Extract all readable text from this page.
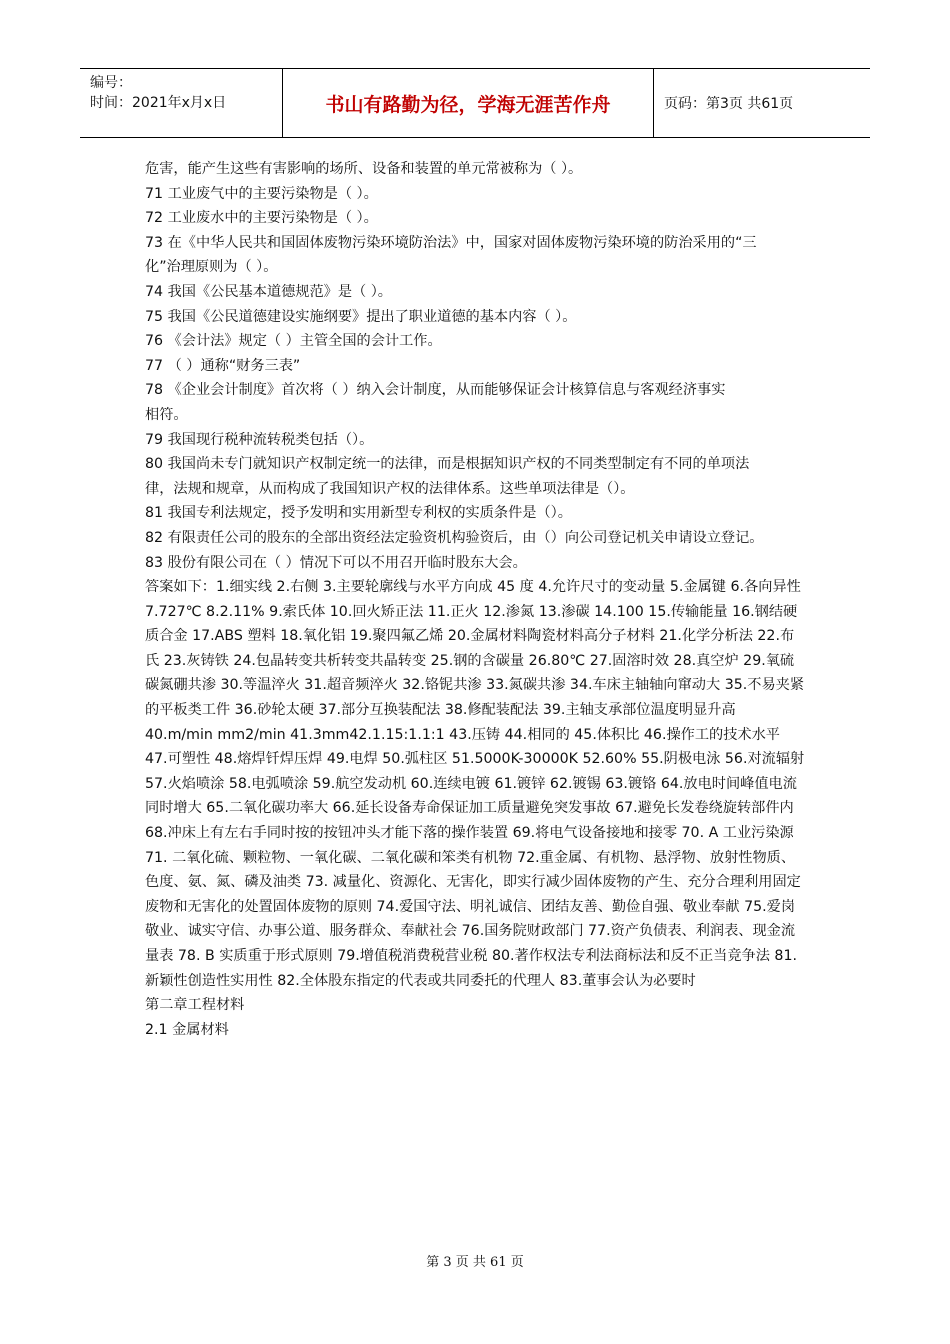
编号：
时间：2021年x月x日	书山有路勤为径，学海无涯苦作舟	页码：第3页 共61页

危害，能产生这些有害影响的场所、设备和装置的单元常被称为（ ）。

71 工业废气中的主要污染物是（ ）。

72 工业废水中的主要污染物是（ ）。

73 在《中华人民共和国固体废物污染环境防治法》中，国家对固体废物污染环境的防治采用的“三

化”治理原则为（ ）。

74 我国《公民基本道德规范》是（ ）。

75 我国《公民道德建设实施纲要》提出了职业道德的基本内容（ ）。

76 《会计法》规定（ ）主管全国的会计工作。

77 （ ）通称“财务三表”

78 《企业会计制度》首次将（ ）纳入会计制度，从而能够保证会计核算信息与客观经济事实

相符。

79 我国现行税种流转税类包括（）。

80 我国尚未专门就知识产权制定统一的法律，而是根据知识产权的不同类型制定有不同的单项法

律，法规和规章，从而构成了我国知识产权的法律体系。这些单项法律是（）。

81 我国专利法规定，授予发明和实用新型专利权的实质条件是（）。

82 有限责任公司的股东的全部出资经法定验资机构验资后，由（）向公司登记机关申请设立登记。

83 股份有限公司在（ ）情况下可以不用召开临时股东大会。

答案如下：1.细实线 2.右侧 3.主要轮廓线与水平方向成 45 度 4.允许尺寸的变动量 5.金属键 6.各向异性 7.727℃ 8.2.11% 9.索氏体 10.回火矫正法 11.正火 12.渗氮 13.渗碳 14.100 15.传输能量 16.钢结硬质合金 17.ABS 塑料 18.氧化铝 19.聚四氟乙烯 20.金属材料陶瓷材料高分子材料 21.化学分析法 22.布氏 23.灰铸铁 24.包晶转变共析转变共晶转变 25.钢的含碳量 26.80℃ 27.固溶时效 28.真空炉 29.氧硫碳氮硼共渗 30.等温淬火 31.超音频淬火 32.铬铌共渗 33.氮碳共渗 34.车床主轴轴向窜动大 35.不易夹紧的平板类工件 36.砂轮太硬 37.部分互换装配法 38.修配装配法 39.主轴支承部位温度明显升高 40.m/min mm2/min 41.3mm42.1.15:1.1:1 43.压铸 44.相同的 45.体积比 46.操作工的技术水平 47.可塑性 48.熔焊钎焊压焊 49.电焊 50.弧柱区 51.5000K-30000K 52.60% 55.阴极电泳 56.对流辐射 57.火焰喷涂 58.电弧喷涂 59.航空发动机 60.连续电镀 61.镀锌 62.镀锡 63.镀铬 64.放电时间峰值电流同时增大 65.二氧化碳功率大 66.延长设备寿命保证加工质量避免突发事故 67.避免长发卷绕旋转部件内 68.冲床上有左右手同时按的按钮冲头才能下落的操作装置 69.将电气设备接地和接零 70. A 工业污染源 71. 二氧化硫、颗粒物、一氧化碳、二氧化碳和笨类有机物 72.重金属、有机物、悬浮物、放射性物质、色度、氨、氮、磷及油类 73. 减量化、资源化、无害化，即实行减少固体废物的产生、充分合理利用固定废物和无害化的处置固体废物的原则 74.爱国守法、明礼诚信、团结友善、勤俭自强、敬业奉献 75.爱岗敬业、诚实守信、办事公道、服务群众、奉献社会 76.国务院财政部门 77.资产负债表、利润表、现金流量表 78. B 实质重于形式原则 79.增值税消费税营业税 80.著作权法专利法商标法和反不正当竞争法 81.新颖性创造性实用性 82.全体股东指定的代表或共同委托的代理人 83.董事会认为必要时

第二章工程材料

2.1 金属材料

第 3 页 共 61 页
